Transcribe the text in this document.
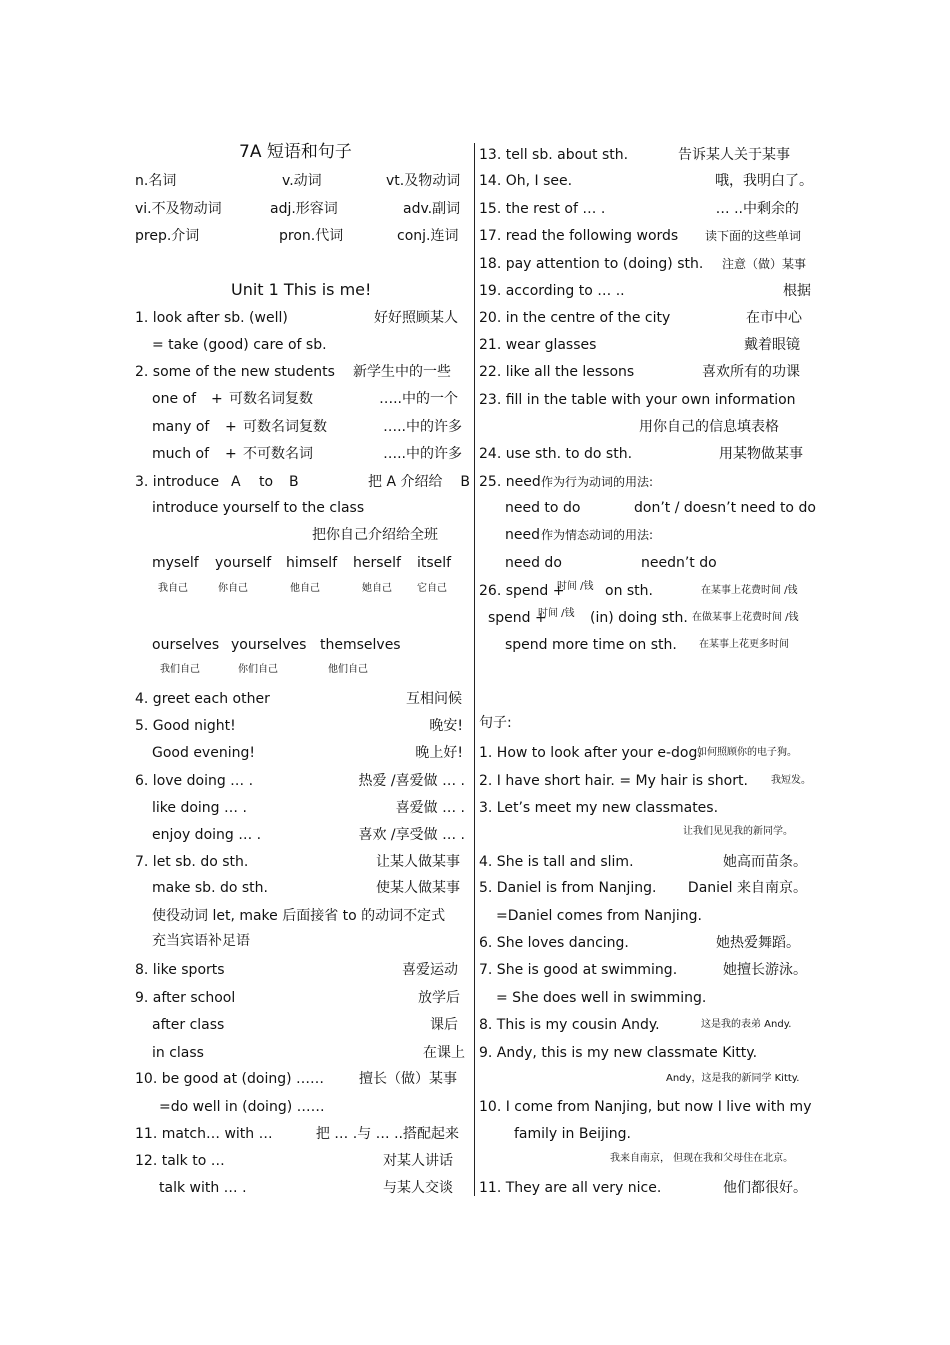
7A 短语和句子
n.名词	v.动词	vt.及物动词
vi.不及物动词	adj.形容词	adv.副词
prep.介词	pron.代词	conj.连词
Unit 1 This is me!
1. look after sb. (well)	好好照顾某人
= take (good) care of sb.
2. some of the new students 新学生中的一些
one of + 可数名词复数	…..中的一个
many of + 可数名词复数	…..中的许多
much of + 不可数名词	…..中的许多
3. introduce A to B	把 A 介绍给 B
introduce yourself to the class
把你自己介绍给全班
myself yourself himself herself itself
我自己	你自己	他自己	她自己	它自己
ourselves yourselves themselves
我们自己	你们自己	他们自己
4. greet each other	互相问候
5. Good night!	晚安!
Good evening!	晚上好!
6. love doing … .	热爱 /喜爱做 … .
like doing … .	喜爱做 … .
enjoy doing … .	喜欢 /享受做 … .
7. let sb. do sth.	让某人做某事
make sb. do sth.	使某人做某事
使役动词 let, make 后面接省 to 的动词不定式
充当宾语补足语
8. like sports	喜爱运动
9. after school	放学后
after class	课后
in class	在课上
10. be good at (doing) …… 擅长（做）某事
=do well in (doing) ……
11. match… with …	把 … .与 … ..搭配起来
12. talk to …	对某人讲话
talk with … .	与某人交谈
13. tell sb. about sth.	告诉某人关于某事
14. Oh, I see.	哦，我明白了。
15. the rest of … .	… ..中剩余的
17. read the following words 读下面的这些单词
18. pay attention to (doing) sth. 注意（做）某事
19. according to … ..	根据
20. in the centre of the city	在市中心
21. wear glasses	戴着眼镜
22. like all the lessons	喜欢所有的功课
23. fill in the table with your own information
用你自己的信息填表格
24. use sth. to do sth.	用某物做某事
25. need 作为行为动词的用法:
need to do	don’t / doesn’t need to do
need 作为情态动词的用法:
need do	needn’t do
26. spend +
时间 /钱 on sth.	在某事上花费时间 /钱
spend +
时间 /钱 (in) doing sth. 在做某事上花费时间 /钱
spend more time on sth. 在某事上花更多时间
句子:
1. How to look after your e-dog.
如何照顾你的电子狗。
2. I have short hair. = My hair is short. 我短发。
3. Let’s meet my new classmates.
让我们见见我的新同学。
4. She is tall and slim.	她高而苗条。
5. Daniel is from Nanjing. Daniel 来自南京。
=Daniel comes from Nanjing.
6. She loves dancing.	她热爱舞蹈。
7. She is good at swimming.	她擅长游泳。
= She does well in swimming.
8. This is my cousin Andy.	这是我的表弟 Andy.
9. Andy, this is my new classmate Kitty.
Andy，这是我的新同学 Kitty.
10. I come from Nanjing, but now I live with my
family in Beijing.
我来自南京， 但现在我和父母住在北京。
11. They are all very nice.	他们都很好。
